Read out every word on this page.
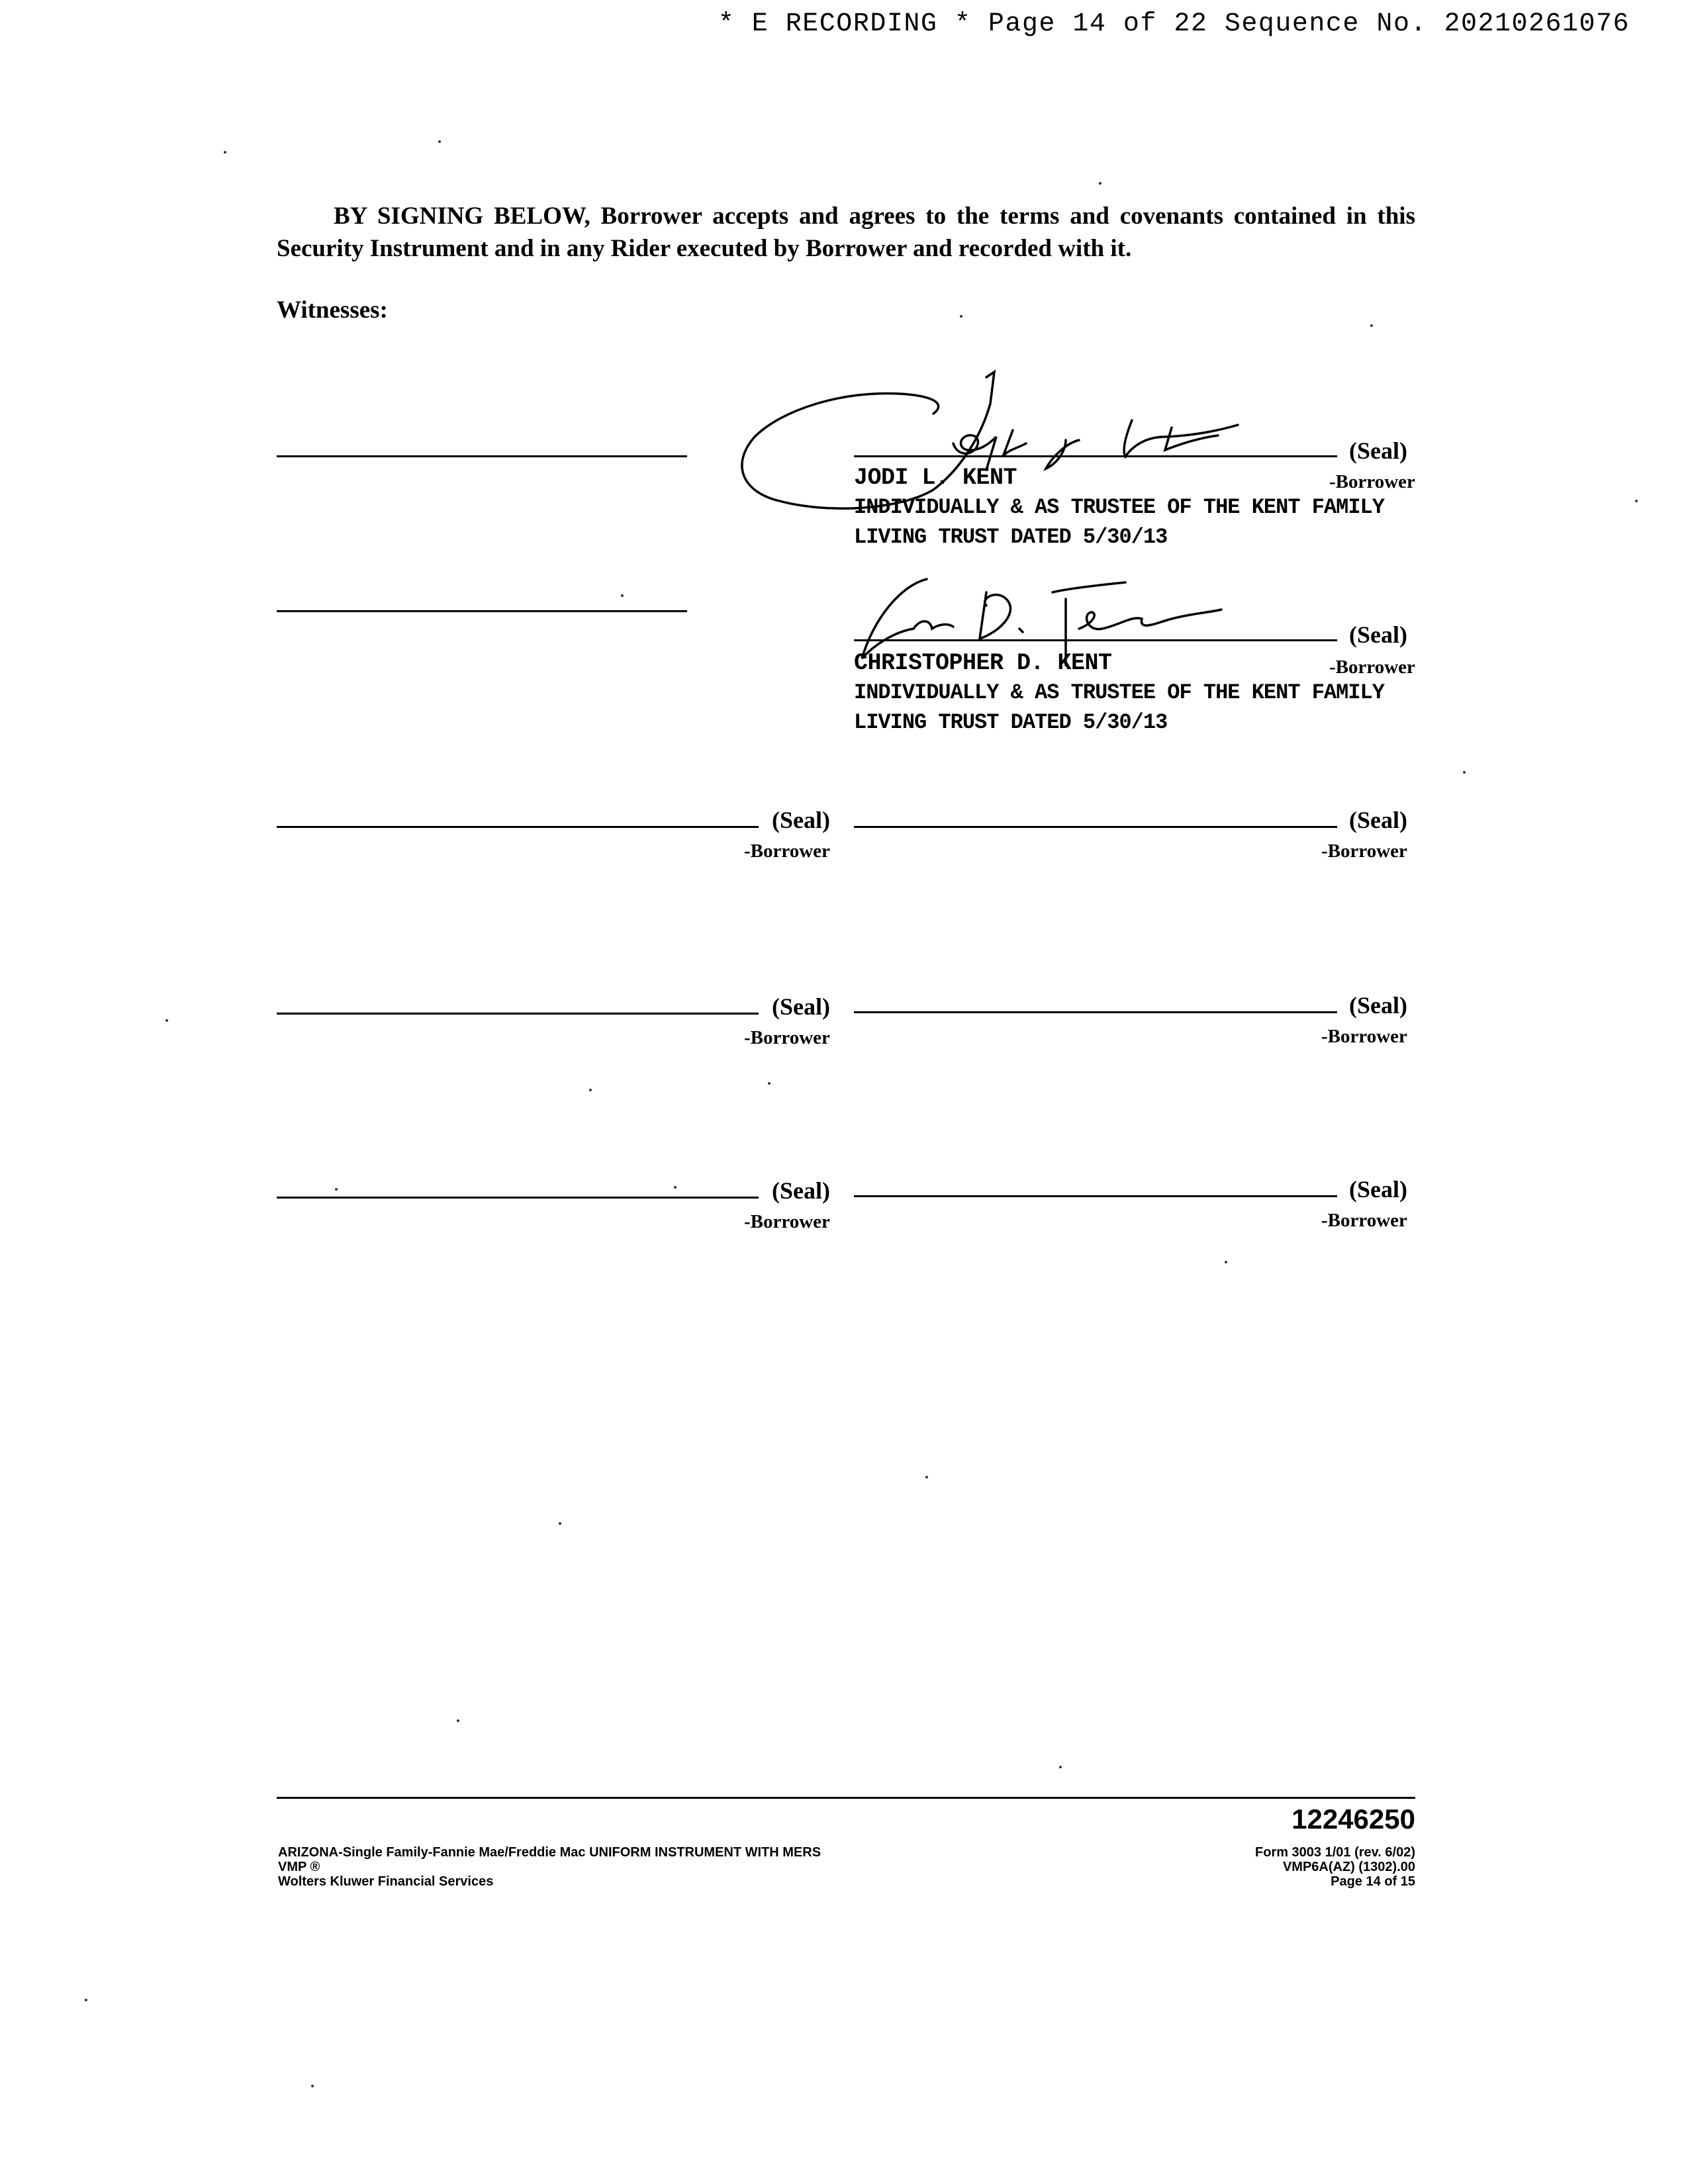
* E RECORDING * Page 14 of 22 Sequence No. 20210261076
BY SIGNING BELOW, Borrower accepts and agrees to the terms and covenants contained in this Security Instrument and in any Rider executed by Borrower and recorded with it.
Witnesses:
(Seal)
JODI L. KENT	-Borrower
INDIVIDUALLY & AS TRUSTEE OF THE KENT FAMILY
LIVING TRUST DATED 5/30/13
(Seal)
CHRISTOPHER D. KENT	-Borrower
INDIVIDUALLY & AS TRUSTEE OF THE KENT FAMILY
LIVING TRUST DATED 5/30/13
(Seal)
-Borrower
(Seal)
-Borrower
(Seal)
-Borrower
(Seal)
-Borrower
(Seal)
-Borrower
(Seal)
-Borrower
12246250
ARIZONA-Single Family-Fannie Mae/Freddie Mac UNIFORM INSTRUMENT WITH MERS
VMP ®
Wolters Kluwer Financial Services
Form 3003 1/01 (rev. 6/02)
VMP6A(AZ) (1302).00
Page 14 of 15
